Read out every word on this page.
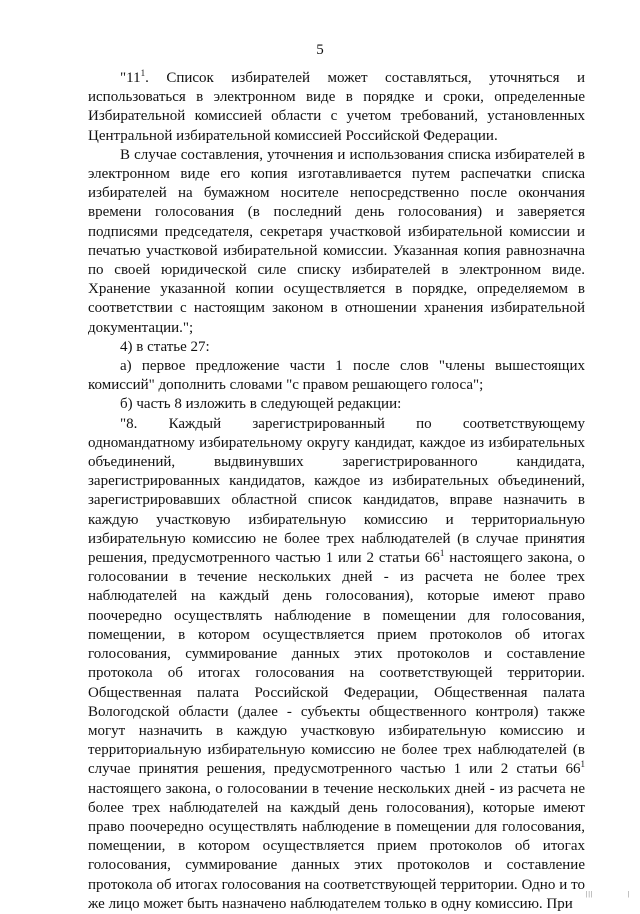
5

"$11^1$. Список избирателей может составляться, уточняться и использоваться в электронном виде в порядке и сроки, определенные Избирательной комиссией области с учетом требований, установленных Центральной избирательной комиссией Российской Федерации.

В случае составления, уточнения и использования списка избирателей в электронном виде его копия изготавливается путем распечатки списка избирателей на бумажном носителе непосредственно после окончания времени голосования (в последний день голосования) и заверяется подписями председателя, секретаря участковой избирательной комиссии и печатью участковой избирательной комиссии. Указанная копия равнозначна по своей юридической силе списку избирателей в электронном виде. Хранение указанной копии осуществляется в порядке, определяемом в соответствии с настоящим законом в отношении хранения избирательной документации.";

4) в статье 27:

а) первое предложение части 1 после слов "члены вышестоящих комиссий" дополнить словами "с правом решающего голоса";

б) часть 8 изложить в следующей редакции:

"8. Каждый зарегистрированный по соответствующему одномандатному избирательному округу кандидат, каждое из избирательных объединений, выдвинувших зарегистрированного кандидата, зарегистрированных кандидатов, каждое из избирательных объединений, зарегистрировавших областной список кандидатов, вправе назначить в каждую участковую избирательную комиссию и территориальную избирательную комиссию не более трех наблюдателей (в случае принятия решения, предусмотренного частью 1 или 2 статьи $66^1$ настоящего закона, о голосовании в течение нескольких дней - из расчета не более трех наблюдателей на каждый день голосования), которые имеют право поочередно осуществлять наблюдение в помещении для голосования, помещении, в котором осуществляется прием протоколов об итогах голосования, суммирование данных этих протоколов и составление протокола об итогах голосования на соответствующей территории. Общественная палата Российской Федерации, Общественная палата Вологодской области (далее - субъекты общественного контроля) также могут назначить в каждую участковую избирательную комиссию и территориальную избирательную комиссию не более трех наблюдателей (в случае принятия решения, предусмотренного частью 1 или 2 статьи $66^1$ настоящего закона, о голосовании в течение нескольких дней - из расчета не более трех наблюдателей на каждый день голосования), которые имеют право поочередно осуществлять наблюдение в помещении для голосования, помещении, в котором осуществляется прием протоколов об итогах голосования, суммирование данных этих протоколов и составление протокола об итогах голосования на соответствующей территории. Одно и то же лицо может быть назначено наблюдателем только в одну комиссию. При

|||	|
